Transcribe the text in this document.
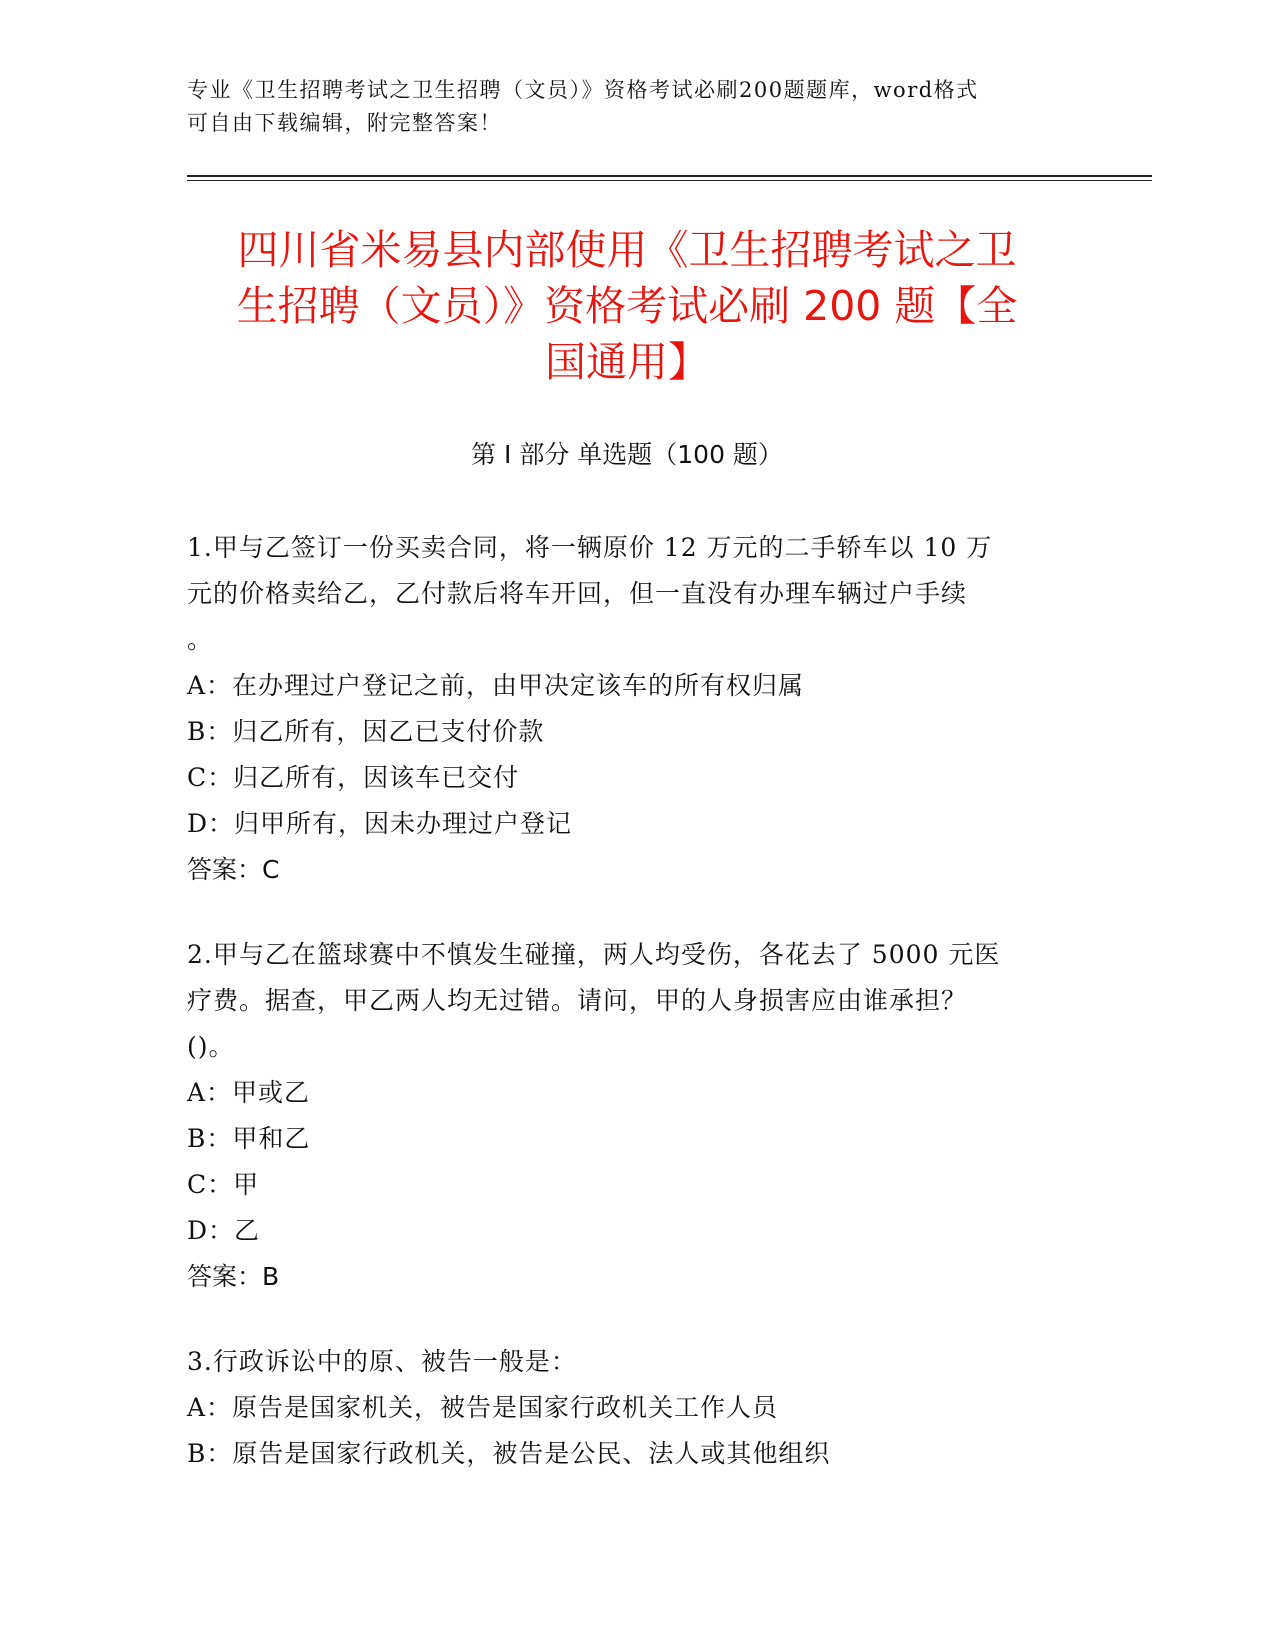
专业《卫生招聘考试之卫生招聘（文员）》资格考试必刷200题题库，word格式
可自由下载编辑，附完整答案！
四川省米易县内部使用《卫生招聘考试之卫
生招聘（文员）》资格考试必刷 200 题【全
国通用】
第 I 部分 单选题（100 题）
1.甲与乙签订一份买卖合同，将一辆原价 12 万元的二手轿车以 10 万
元的价格卖给乙，乙付款后将车开回，但一直没有办理车辆过户手续
。
A：在办理过户登记之前，由甲决定该车的所有权归属
B：归乙所有，因乙已支付价款
C：归乙所有，因该车已交付
D：归甲所有，因未办理过户登记
答案：C
2.甲与乙在篮球赛中不慎发生碰撞，两人均受伤，各花去了 5000 元医
疗费。据查，甲乙两人均无过错。请问，甲的人身损害应由谁承担？
()。
A：甲或乙
B：甲和乙
C：甲
D：乙
答案：B
3.行政诉讼中的原、被告一般是：
A：原告是国家机关，被告是国家行政机关工作人员
B：原告是国家行政机关，被告是公民、法人或其他组织
